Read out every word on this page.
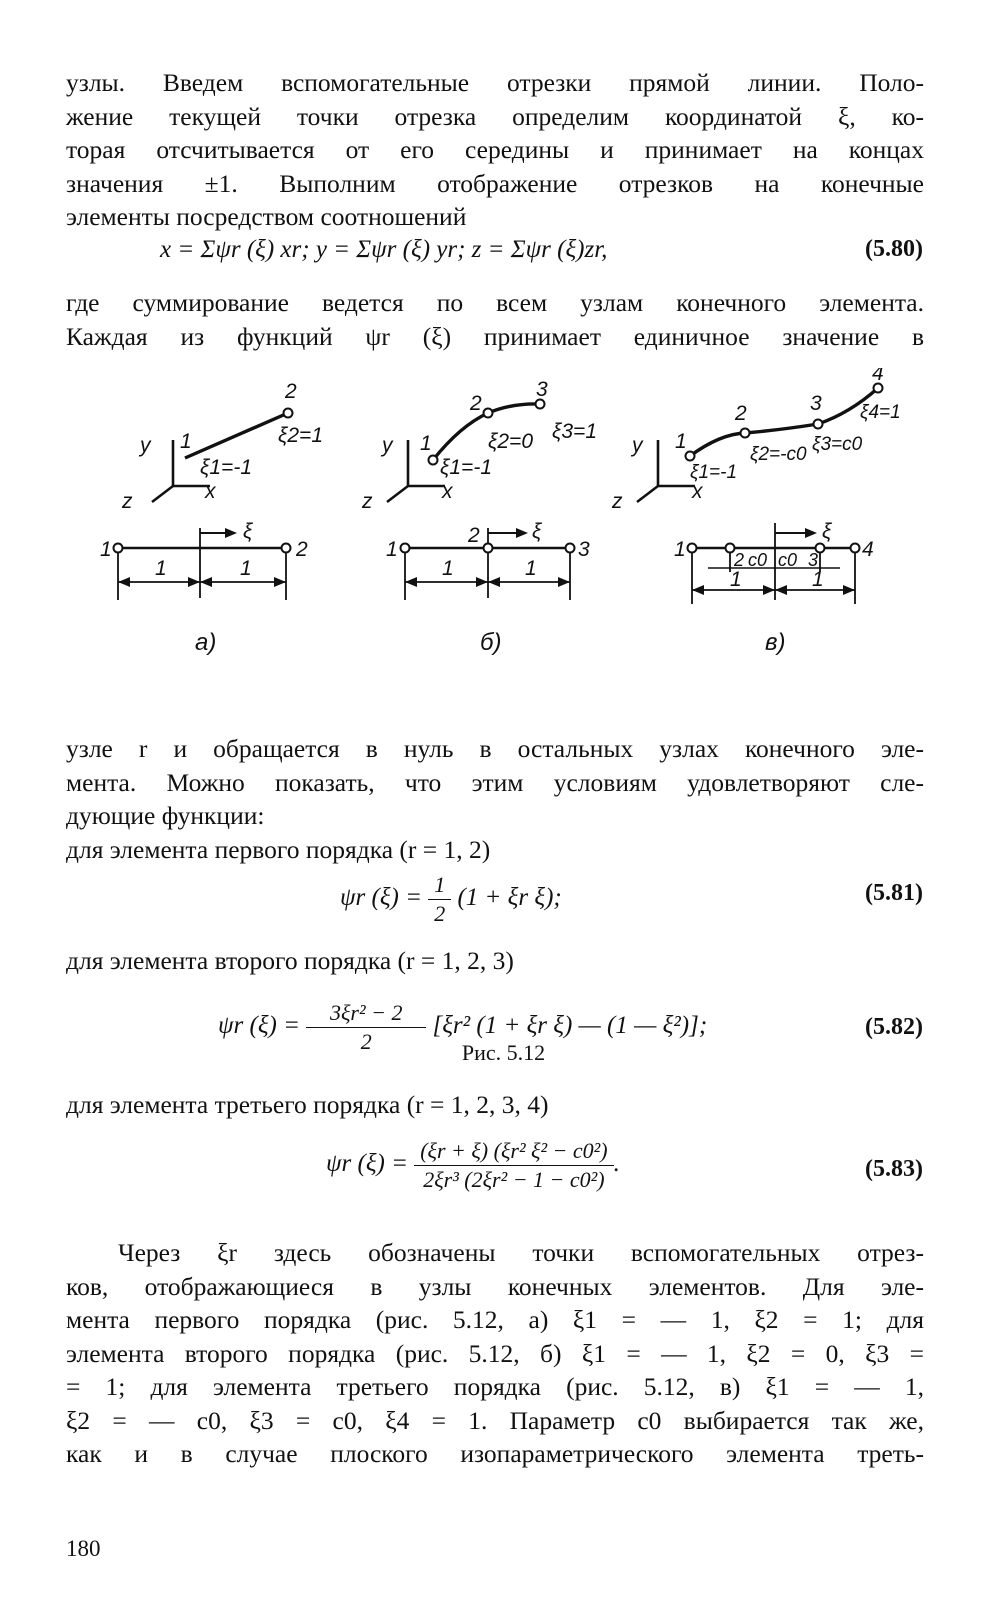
узлы. Введем вспомогательные отрезки прямой линии. Поло-
жение текущей точки отрезка определим координатой ξ, ко-
торая отсчитывается от его середины и принимает на концах
значения ±1. Выполним отображение отрезков на конечные
элементы посредством соотношений
x = Σψr (ξ) xr; y = Σψr (ξ) yr; z = Σψr (ξ)zr,	(5.80)
где суммирование ведется по всем узлам конечного элемента.
Каждая из функций ψr (ξ) принимает единичное значение в
1
2
ξ1=-1
ξ2=1
y
z	x
1	2
ξ
1	1
а)
1
2
3
ξ1=-1
ξ2=0 ξ3=1
y
z	x
1
2 ξ
3
1	1
б)
1
2	3
4
ξ1=-1
ξ2=-c0 ξ3=c0
ξ4=1
y
z	x
1
ξ
4
2 c0 c0 3
1	1
в)
Рис. 5.12
узле r и обращается в нуль в остальных узлах конечного эле-
мента. Можно показать, что этим условиям удовлетворяют сле-
дующие функции:
для элемента первого порядка (r = 1, 2)
ψr $(\xi) = \frac{1}{2} (1 + \xi r$ ξ);	(5.81)
для элемента второго порядка (r = 1, 2, 3)
ψr $(\xi) = \frac{\text{3ξr² − 2}}{2} [\xi r^2$ (1 + ξr ξ) — (1 — ξ²)];	(5.82)
для элемента третьего порядка (r = 1, 2, 3, 4)
ψr $(\xi) = \frac{\text{(ξr + ξ) (ξr² ξ² − c0²)}}{\text{2ξr³ (2ξr² − 1 − c0²)}}$ .	(5.83)
Через ξr здесь обозначены точки вспомогательных отрез-
ков, отображающиеся в узлы конечных элементов. Для эле-
мента первого порядка (рис. 5.12, а) ξ1 = — 1, ξ2 = 1; для
элемента второго порядка (рис. 5.12, б) ξ1 = — 1, ξ2 = 0, ξ3 =
= 1; для элемента третьего порядка (рис. 5.12, в) ξ1 = — 1,
ξ2 = — c0, ξ3 = c0, ξ4 = 1. Параметр c0 выбирается так же,
как и в случае плоского изопараметрического элемента треть-
180
